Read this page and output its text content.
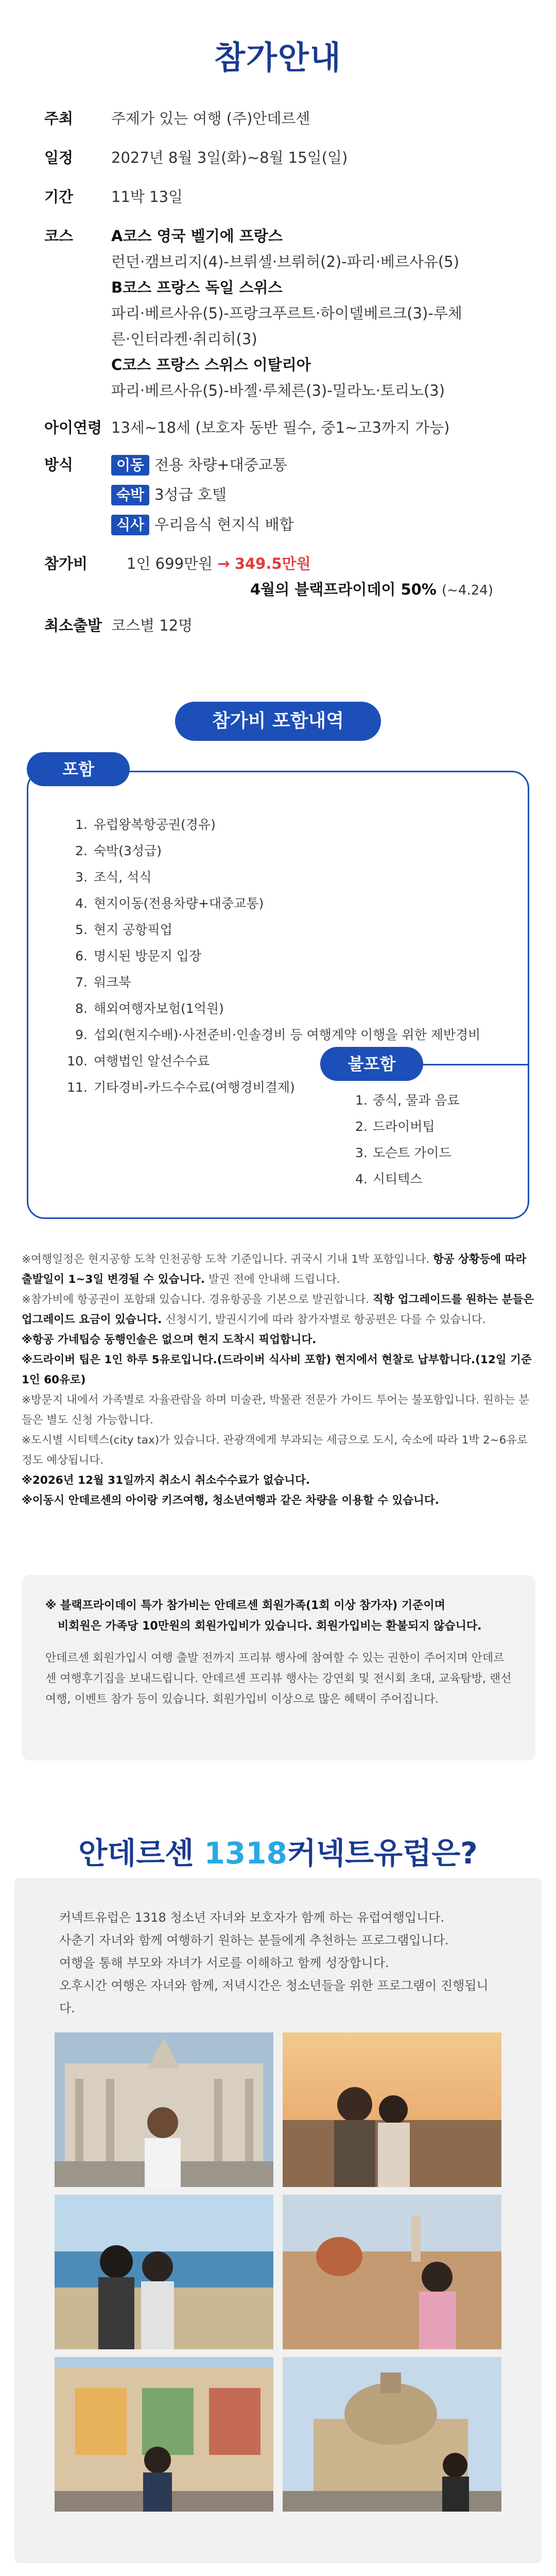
참가안내
주최	주제가 있는 여행 (주)안데르센
일정	2027년 8월 3일(화)~8월 15일(일)
기간	11박 13일
코스	A코스 영국 벨기에 프랑스
런던·캠브리지(4)-브뤼셀·브뤼허(2)-파리·베르사유(5)
B코스 프랑스 독일 스위스
파리·베르사유(5)-프랑크푸르트·하이델베르크(3)-루체
른·인터라켄·취리히(3)
C코스 프랑스 스위스 이탈리아
파리·베르사유(5)-바젤·루체른(3)-밀라노·토리노(3)
아이연령 13세~18세 (보호자 동반 필수, 중1~고3까지 가능)
방식	이동 전용 차량+대중교통
숙박 3성급 호텔
식사 우리음식 현지식 배합
참가비	1인 699만원 → 349.5만원
4월의 블랙프라이데이 50% (~4.24)
최소출발 코스별 12명
참가비 포함내역
포함
1. 유럽왕복항공권(경유)
2. 숙박(3성급)
3. 조식, 석식
4. 현지이동(전용차량+대중교통)
5. 현지 공항픽업
6. 명시된 방문지 입장
7. 워크북
8. 해외여행자보험(1억원)
9. 섭외(현지수배)·사전준비·인솔경비 등 여행계약 이행을 위한 제반경비
10. 여행법인 알선수수료
11. 기타경비-카드수수료(여행경비결제)
불포함
1. 중식, 물과 음료
2. 드라이버팁
3. 도슨트 가이드
4. 시티텍스

※여행일정은 현지공항 도착 인천공항 도착 기준입니다. 귀국시 기내 1박 포함입니다. 항공 상황등에 따라 출발일이 1~3일 변경될 수 있습니다. 발권 전에 안내해 드립니다.

※참가비에 항공권이 포함돼 있습니다. 경유항공을 기본으로 발권합니다. 직항 업그레이드를 원하는 분들은 업그레이드 요금이 있습니다. 신청시기, 발권시기에 따라 참가자별로 항공편은 다를 수 있습니다.

※항공 가네팁승 동행인솔은 없으며 현지 도착시 픽업합니다.

※드라이버 팁은 1인 하루 5유로입니다.(드라이버 식사비 포함) 현지에서 현찰로 납부합니다.(12일 기준 1인 60유로)

※방문지 내에서 가족별로 자율관람을 하며 미술관, 박물관 전문가 가이드 투어는 불포함입니다. 원하는 분들은 별도 신청 가능합니다.

※도시별 시티텍스(city tax)가 있습니다. 관광객에게 부과되는 세금으로 도시, 숙소에 따라 1박 2~6유로 정도 예상됩니다.

※2026년 12월 31일까지 취소시 취소수수료가 없습니다.

※이동시 안데르센의 아이랑 키즈여행, 청소년여행과 같은 차량을 이용할 수 있습니다.

※ 블랙프라이데이 특가 참가비는 안데르센 회원가족(1회 이상 참가자) 기준이며
비회원은 가족당 10만원의 회원가입비가 있습니다. 회원가입비는 환불되지 않습니다.
안데르센 회원가입시 여행 출발 전까지 프리뷰 행사에 참여할 수 있는 권한이 주어지며 안데르센 여행후기집을 보내드립니다. 안데르센 프리뷰 행사는 강연회 및 전시회 초대, 교육탐방, 랜선여행, 이벤트 참가 등이 있습니다. 회원가입비 이상으로 많은 혜택이 주어집니다.
안데르센 1318커넥트유럽은?
커넥트유럽은 1318 청소년 자녀와 보호자가 함께 하는 유럽여행입니다.
사춘기 자녀와 함께 여행하기 원하는 분들에게 추천하는 프로그램입니다.
여행을 통해 부모와 자녀가 서로를 이해하고 함께 성장합니다.
오후시간 여행은 자녀와 함께, 저녁시간은 청소년들을 위한 프로그램이 진행됩니다.
